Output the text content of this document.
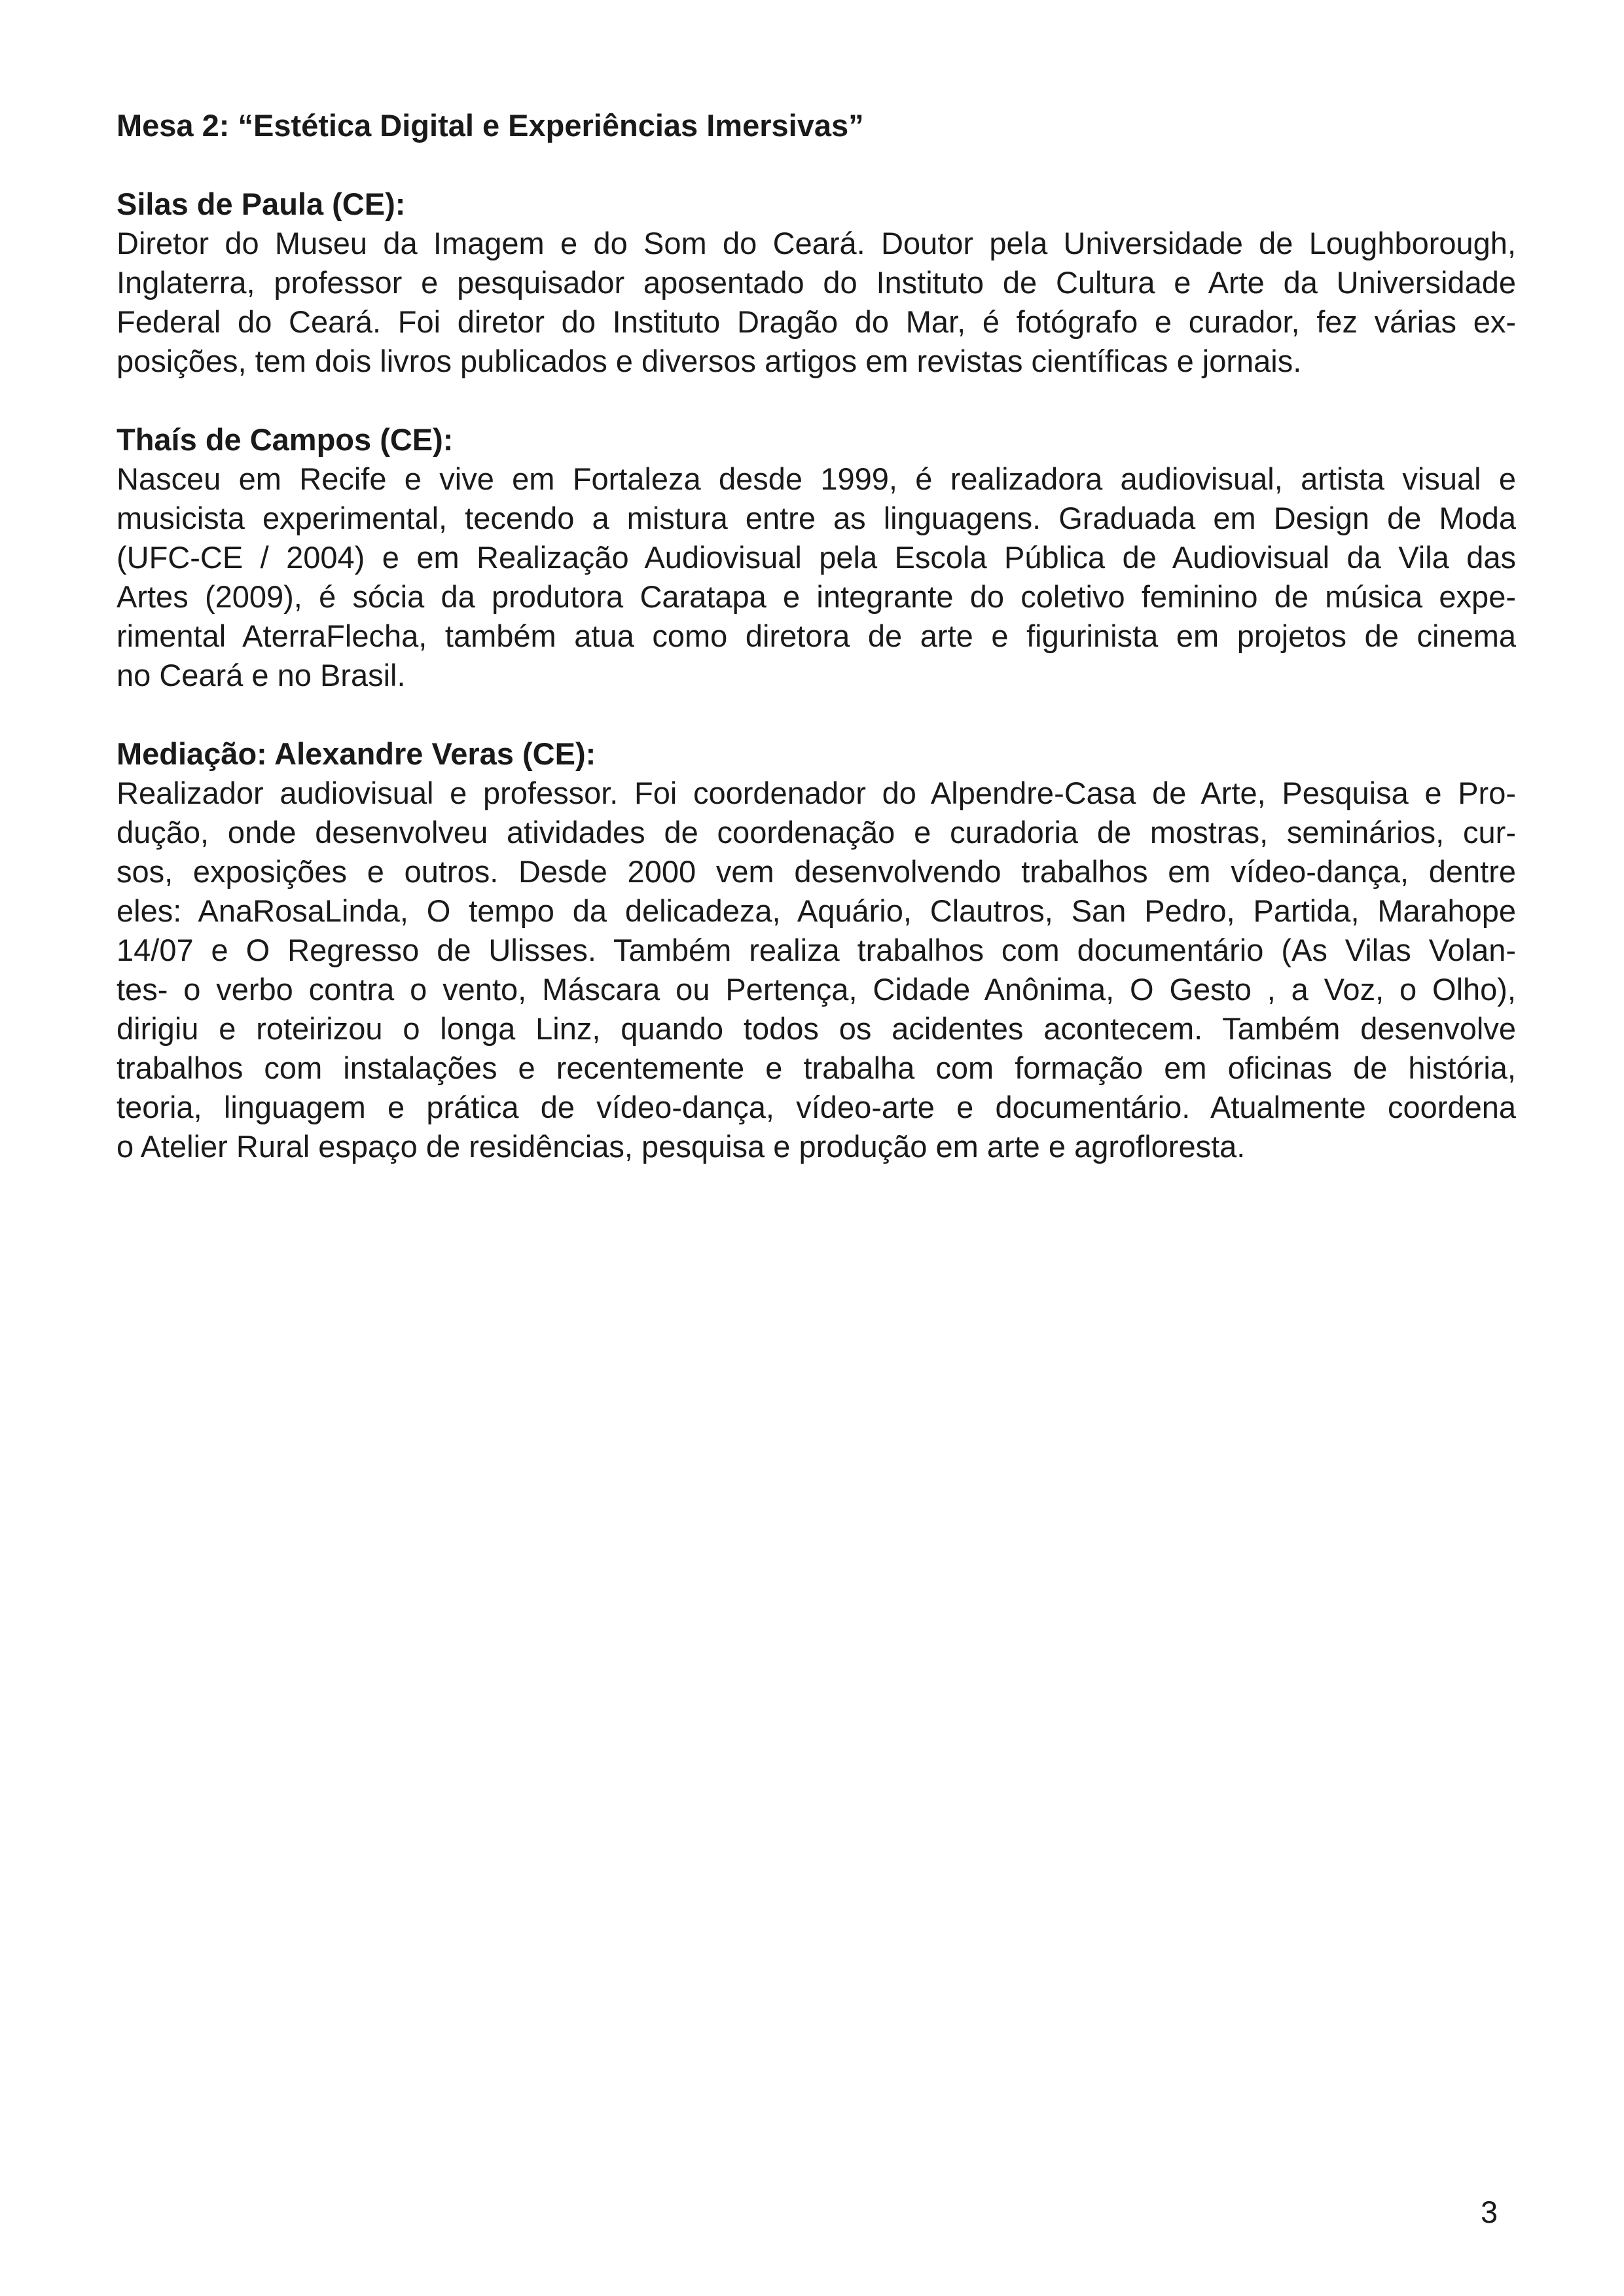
Mesa 2: “Estética Digital e Experiências Imersivas”
Silas de Paula (CE):

Diretor do Museu da Imagem e do Som do Ceará. Doutor pela Universidade de Loughborough,
Inglaterra, professor e pesquisador aposentado do Instituto de Cultura e Arte da Universidade
Federal do Ceará. Foi diretor do Instituto Dragão do Mar, é fotógrafo e curador, fez várias ex-
posições, tem dois livros publicados e diversos artigos em revistas científicas e jornais.

Thaís de Campos (CE):

Nasceu em Recife e vive em Fortaleza desde 1999, é realizadora audiovisual, artista visual e
musicista experimental, tecendo a mistura entre as linguagens. Graduada em Design de Moda
(UFC-CE / 2004) e em Realização Audiovisual pela Escola Pública de Audiovisual da Vila das
Artes (2009), é sócia da produtora Caratapa e integrante do coletivo feminino de música expe-
rimental AterraFlecha, também atua como diretora de arte e figurinista em projetos de cinema
no Ceará e no Brasil.

Mediação: Alexandre Veras (CE):

Realizador audiovisual e professor. Foi coordenador do Alpendre-Casa de Arte, Pesquisa e Pro-
dução, onde desenvolveu atividades de coordenação e curadoria de mostras, seminários, cur-
sos, exposições e outros. Desde 2000 vem desenvolvendo trabalhos em vídeo-dança, dentre
eles: AnaRosaLinda, O tempo da delicadeza, Aquário, Clautros, San Pedro, Partida, Marahope
14/07 e O Regresso de Ulisses. Também realiza trabalhos com documentário (As Vilas Volan-
tes- o verbo contra o vento, Máscara ou Pertença, Cidade Anônima, O Gesto , a Voz, o Olho),
dirigiu e roteirizou o longa Linz, quando todos os acidentes acontecem. Também desenvolve
trabalhos com instalações e recentemente e trabalha com formação em oficinas de história,
teoria, linguagem e prática de vídeo-dança, vídeo-arte e documentário. Atualmente coordena
o Atelier Rural espaço de residências, pesquisa e produção em arte e agrofloresta.

3
